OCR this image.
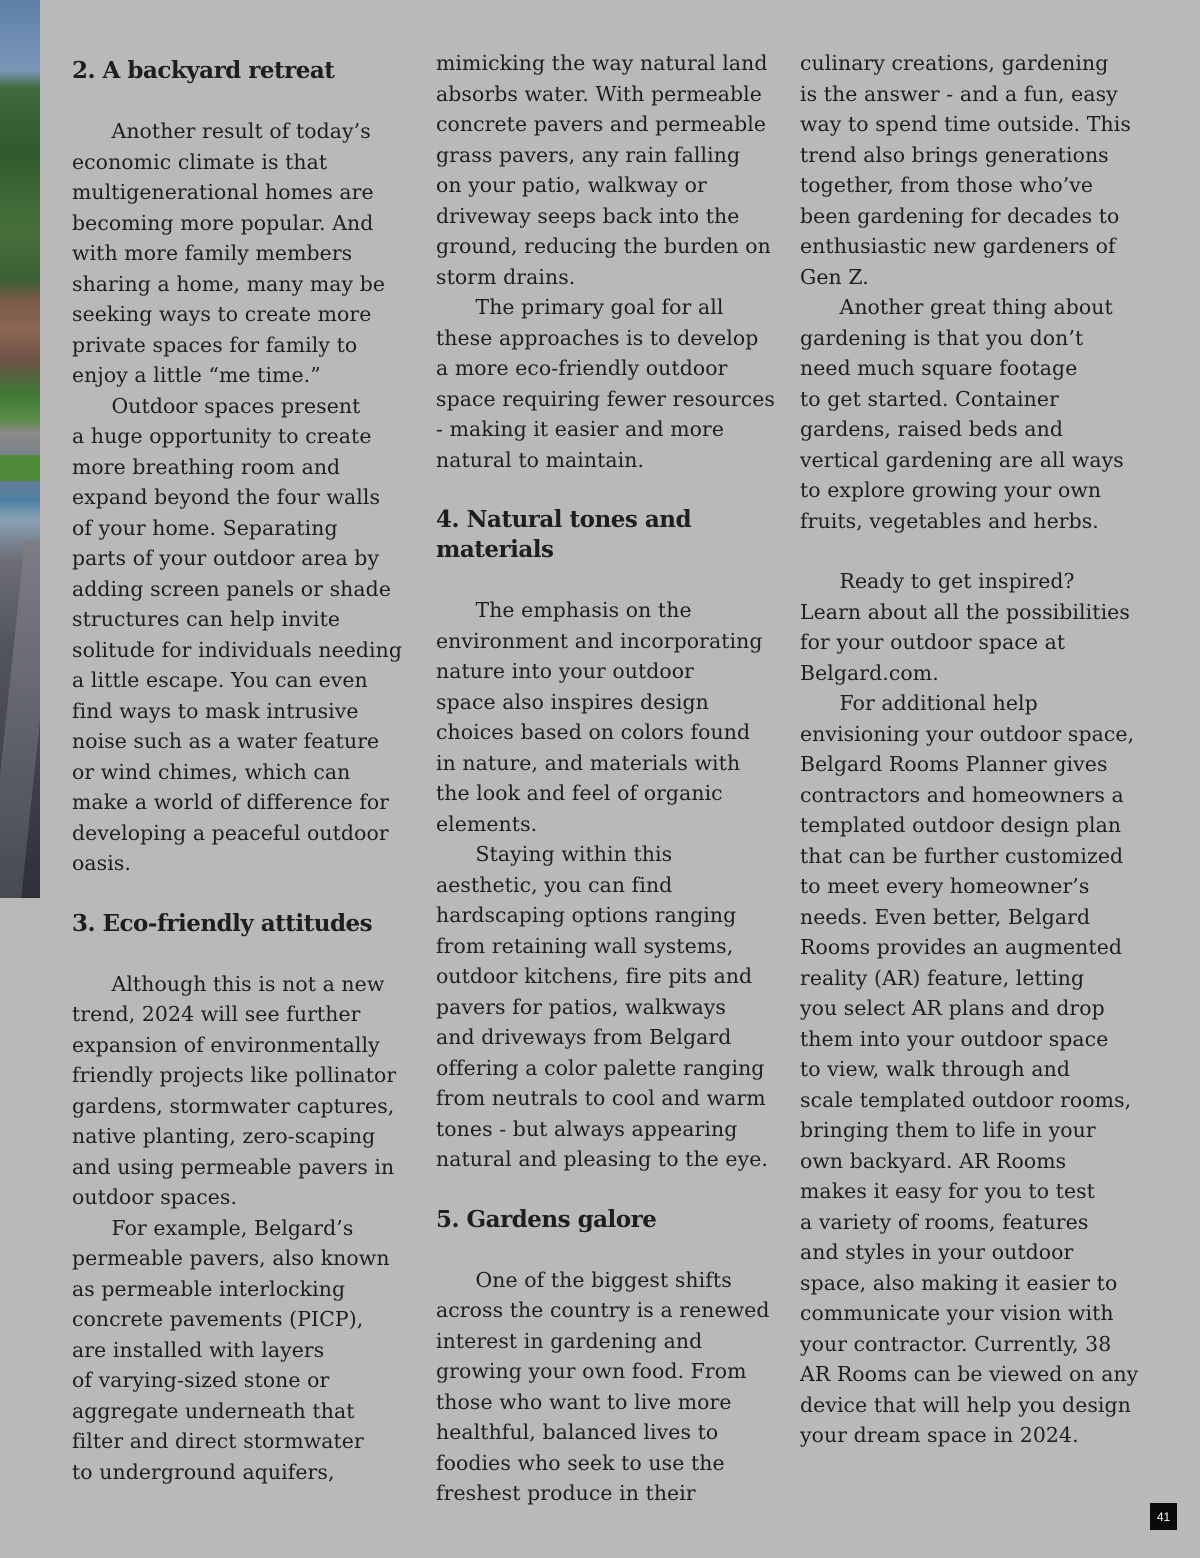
2. A backyard retreat

Another result of today’s
economic climate is that
multigenerational homes are
becoming more popular. And
with more family members
sharing a home, many may be
seeking ways to create more
private spaces for family to
enjoy a little “me time.”

Outdoor spaces present
a huge opportunity to create
more breathing room and
expand beyond the four walls
of your home. Separating
parts of your outdoor area by
adding screen panels or shade
structures can help invite
solitude for individuals needing
a little escape. You can even
find ways to mask intrusive
noise such as a water feature
or wind chimes, which can
make a world of difference for
developing a peaceful outdoor
oasis.

3. Eco-friendly attitudes

Although this is not a new
trend, 2024 will see further
expansion of environmentally
friendly projects like pollinator
gardens, stormwater captures,
native planting, zero-scaping
and using permeable pavers in
outdoor spaces.

For example, Belgard’s
permeable pavers, also known
as permeable interlocking
concrete pavements (PICP),
are installed with layers
of varying-sized stone or
aggregate underneath that
filter and direct stormwater
to underground aquifers,

mimicking the way natural land
absorbs water. With permeable
concrete pavers and permeable
grass pavers, any rain falling
on your patio, walkway or
driveway seeps back into the
ground, reducing the burden on
storm drains.

The primary goal for all
these approaches is to develop
a more eco-friendly outdoor
space requiring fewer resources
- making it easier and more
natural to maintain.

4. Natural tones and materials

The emphasis on the
environment and incorporating
nature into your outdoor
space also inspires design
choices based on colors found
in nature, and materials with
the look and feel of organic
elements.

Staying within this
aesthetic, you can find
hardscaping options ranging
from retaining wall systems,
outdoor kitchens, fire pits and
pavers for patios, walkways
and driveways from Belgard
offering a color palette ranging
from neutrals to cool and warm
tones - but always appearing
natural and pleasing to the eye.

5. Gardens galore

One of the biggest shifts
across the country is a renewed
interest in gardening and
growing your own food. From
those who want to live more
healthful, balanced lives to
foodies who seek to use the
freshest produce in their

culinary creations, gardening
is the answer - and a fun, easy
way to spend time outside. This
trend also brings generations
together, from those who’ve
been gardening for decades to
enthusiastic new gardeners of
Gen Z.

Another great thing about
gardening is that you don’t
need much square footage
to get started. Container
gardens, raised beds and
vertical gardening are all ways
to explore growing your own
fruits, vegetables and herbs.

Ready to get inspired?
Learn about all the possibilities
for your outdoor space at
Belgard.com.

For additional help
envisioning your outdoor space,
Belgard Rooms Planner gives
contractors and homeowners a
templated outdoor design plan
that can be further customized
to meet every homeowner’s
needs. Even better, Belgard
Rooms provides an augmented
reality (AR) feature, letting
you select AR plans and drop
them into your outdoor space
to view, walk through and
scale templated outdoor rooms,
bringing them to life in your
own backyard. AR Rooms
makes it easy for you to test
a variety of rooms, features
and styles in your outdoor
space, also making it easier to
communicate your vision with
your contractor. Currently, 38
AR Rooms can be viewed on any
device that will help you design
your dream space in 2024.

41
